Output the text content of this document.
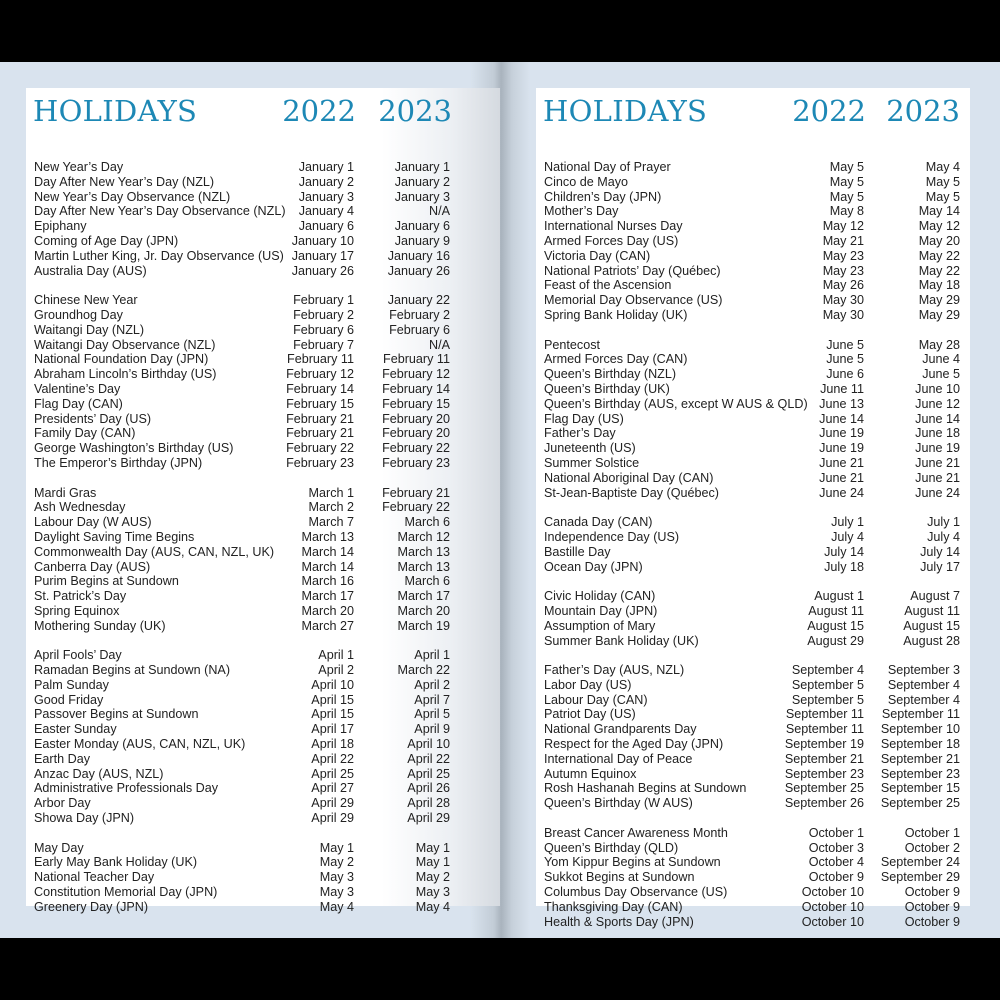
HOLIDAYS	2022 2023
New Year’s Day	January 1	January 1
Day After New Year’s Day (NZL)	January 2	January 2
New Year’s Day Observance (NZL)	January 3	January 3
Day After New Year’s Day Observance (NZL) January 4	N/A
Epiphany	January 6	January 6
Coming of Age Day (JPN)	January 10	January 9
Martin Luther King, Jr. Day Observance (US) January 17	January 16
Australia Day (AUS)	January 26	January 26
Chinese New Year	February 1	January 22
Groundhog Day	February 2	February 2
Waitangi Day (NZL)	February 6	February 6
Waitangi Day Observance (NZL)	February 7	N/A
National Foundation Day (JPN)	February 11 February 11
Abraham Lincoln’s Birthday (US)	February 12 February 12
Valentine’s Day	February 14 February 14
Flag Day (CAN)	February 15 February 15
Presidents’ Day (US)	February 21 February 20
Family Day (CAN)	February 21 February 20
George Washington’s Birthday (US)	February 22 February 22
The Emperor’s Birthday (JPN)	February 23 February 23
Mardi Gras	March 1 February 21
Ash Wednesday	March 2 February 22
Labour Day (W AUS)	March 7	March 6
Daylight Saving Time Begins	March 13	March 12
Commonwealth Day (AUS, CAN, NZL, UK) March 14	March 13
Canberra Day (AUS)	March 14	March 13
Purim Begins at Sundown	March 16	March 6
St. Patrick’s Day	March 17	March 17
Spring Equinox	March 20	March 20
Mothering Sunday (UK)	March 27	March 19
April Fools’ Day	April 1	April 1
Ramadan Begins at Sundown (NA)	April 2	March 22
Palm Sunday	April 10	April 2
Good Friday	April 15	April 7
Passover Begins at Sundown	April 15	April 5
Easter Sunday	April 17	April 9
Easter Monday (AUS, CAN, NZL, UK)	April 18	April 10
Earth Day	April 22	April 22
Anzac Day (AUS, NZL)	April 25	April 25
Administrative Professionals Day	April 27	April 26
Arbor Day	April 29	April 28
Showa Day (JPN)	April 29	April 29
May Day	May 1	May 1
Early May Bank Holiday (UK)	May 2	May 1
National Teacher Day	May 3	May 2
Constitution Memorial Day (JPN)	May 3	May 3
Greenery Day (JPN)	May 4	May 4
HOLIDAYS	2022 2023
National Day of Prayer	May 5	May 4
Cinco de Mayo	May 5	May 5
Children’s Day (JPN)	May 5	May 5
Mother’s Day	May 8	May 14
International Nurses Day	May 12	May 12
Armed Forces Day (US)	May 21	May 20
Victoria Day (CAN)	May 23	May 22
National Patriots’ Day (Québec)	May 23	May 22
Feast of the Ascension	May 26	May 18
Memorial Day Observance (US)	May 30	May 29
Spring Bank Holiday (UK)	May 30	May 29
Pentecost	June 5	May 28
Armed Forces Day (CAN)	June 5	June 4
Queen’s Birthday (NZL)	June 6	June 5
Queen’s Birthday (UK)	June 11	June 10
Queen’s Birthday (AUS, except W AUS & QLD) June 13	June 12
Flag Day (US)	June 14	June 14
Father’s Day	June 19	June 18
Juneteenth (US)	June 19	June 19
Summer Solstice	June 21	June 21
National Aboriginal Day (CAN)	June 21	June 21
St-Jean-Baptiste Day (Québec)	June 24	June 24
Canada Day (CAN)	July 1	July 1
Independence Day (US)	July 4	July 4
Bastille Day	July 14	July 14
Ocean Day (JPN)	July 18	July 17
Civic Holiday (CAN)	August 1	August 7
Mountain Day (JPN)	August 11	August 11
Assumption of Mary	August 15	August 15
Summer Bank Holiday (UK)	August 29	August 28
Father’s Day (AUS, NZL)	September 4 September 3
Labor Day (US)	September 5 September 4
Labour Day (CAN)	September 5 September 4
Patriot Day (US)	September 11 September 11
National Grandparents Day	September 11 September 10
Respect for the Aged Day (JPN)	September 19 September 18
International Day of Peace	September 21 September 21
Autumn Equinox	September 23 September 23
Rosh Hashanah Begins at Sundown	September 25 September 15
Queen’s Birthday (W AUS)	September 26 September 25
Breast Cancer Awareness Month	October 1	October 1
Queen’s Birthday (QLD)	October 3	October 2
Yom Kippur Begins at Sundown	October 4 September 24
Sukkot Begins at Sundown	October 9 September 29
Columbus Day Observance (US)	October 10	October 9
Thanksgiving Day (CAN)	October 10	October 9
Health & Sports Day (JPN)	October 10	October 9
